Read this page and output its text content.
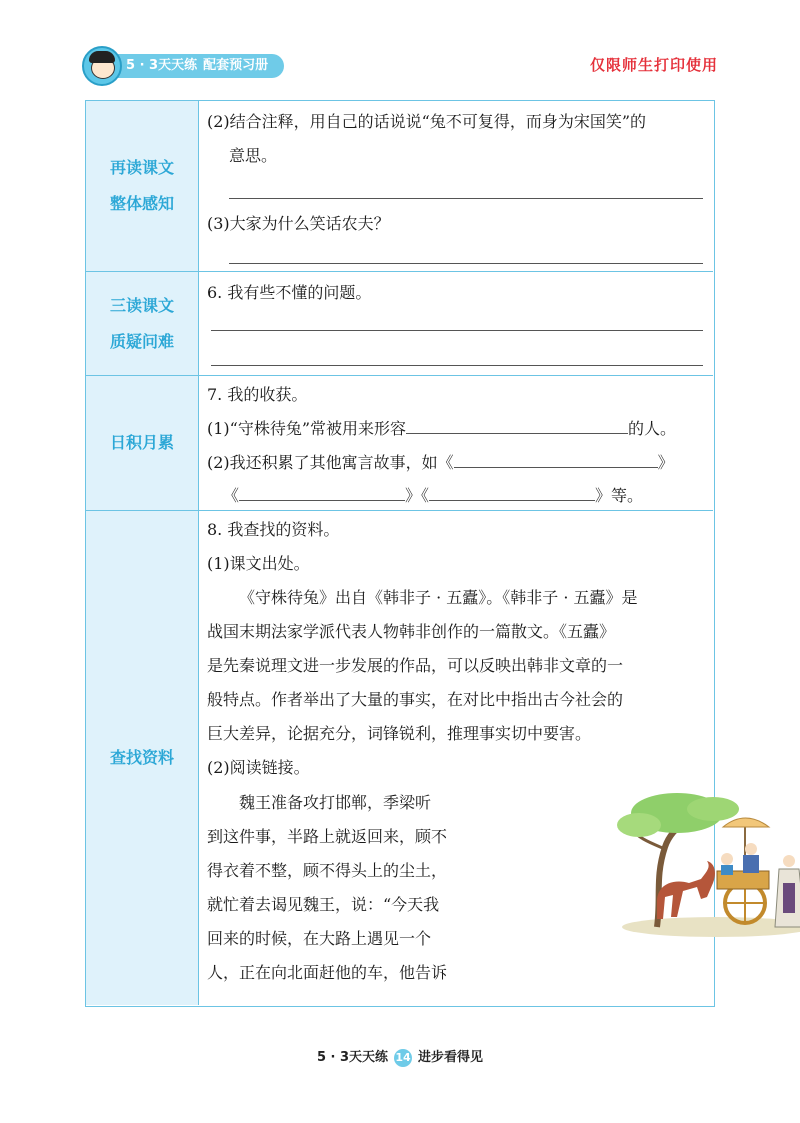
5 · 3天天练 配套预习册	仅限师生打印使用
再读课文
整体感知
(2)结合注释，用自己的话说说“兔不可复得，而身为宋国笑”的
意思。
(3)大家为什么笑话农夫？
三读课文
质疑问难
6. 我有些不懂的问题。
日积月累
7. 我的收获。
(1)“守株待兔”常被用来形容	的人。
(2)我还积累了其他寓言故事，如《	》
《	》《	》等。
查找资料
8. 我查找的资料。
(1)课文出处。
《守株待兔》出自《韩非子 · 五蠹》。《韩非子 · 五蠹》是
战国末期法家学派代表人物韩非创作的一篇散文。《五蠹》
是先秦说理文进一步发展的作品，可以反映出韩非文章的一
般特点。作者举出了大量的事实，在对比中指出古今社会的
巨大差异，论据充分，词锋锐利，推理事实切中要害。
(2)阅读链接。
魏王准备攻打邯郸，季梁听
到这件事，半路上就返回来，顾不
得衣着不整，顾不得头上的尘土，
就忙着去谒见魏王，说：“今天我
回来的时候，在大路上遇见一个
人，正在向北面赶他的车，他告诉
5 · 3天天练 14 进步看得见
